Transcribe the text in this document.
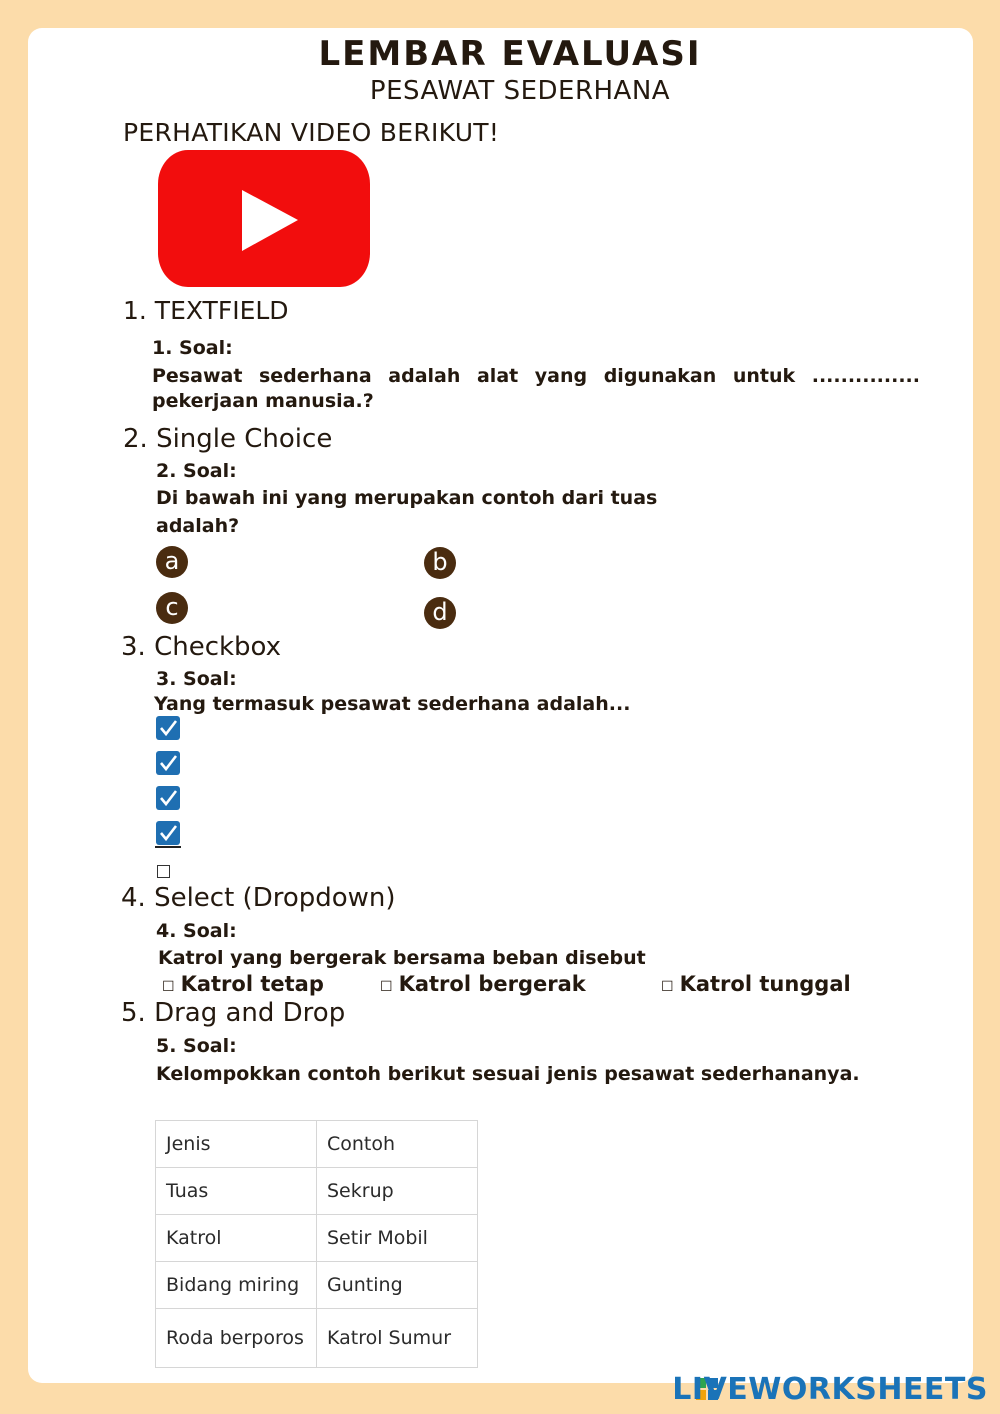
LEMBAR EVALUASI
PESAWAT SEDERHANA
PERHATIKAN VIDEO BERIKUT!
1. TEXTFIELD
1. Soal:
Pesawat sederhana adalah alat yang digunakan untuk ...............
pekerjaan manusia.?
2. Single Choice
2. Soal:
Di bawah ini yang merupakan contoh dari tuas
adalah?
a	b
c	d
3. Checkbox
3. Soal:
Yang termasuk pesawat sederhana adalah...
4. Select (Dropdown)
4. Soal:
Katrol yang bergerak bersama beban disebut
☐ Katrol tetap	☐ Katrol bergerak	☐ Katrol tunggal
5. Drag and Drop
5. Soal:
Kelompokkan contoh berikut sesuai jenis pesawat sederhananya.
Jenis	Contoh
Tuas	Sekrup
Katrol	Setir Mobil
Bidang miring	Gunting
Roda berporos	Katrol Sumur
LIVEWORKSHEETS
